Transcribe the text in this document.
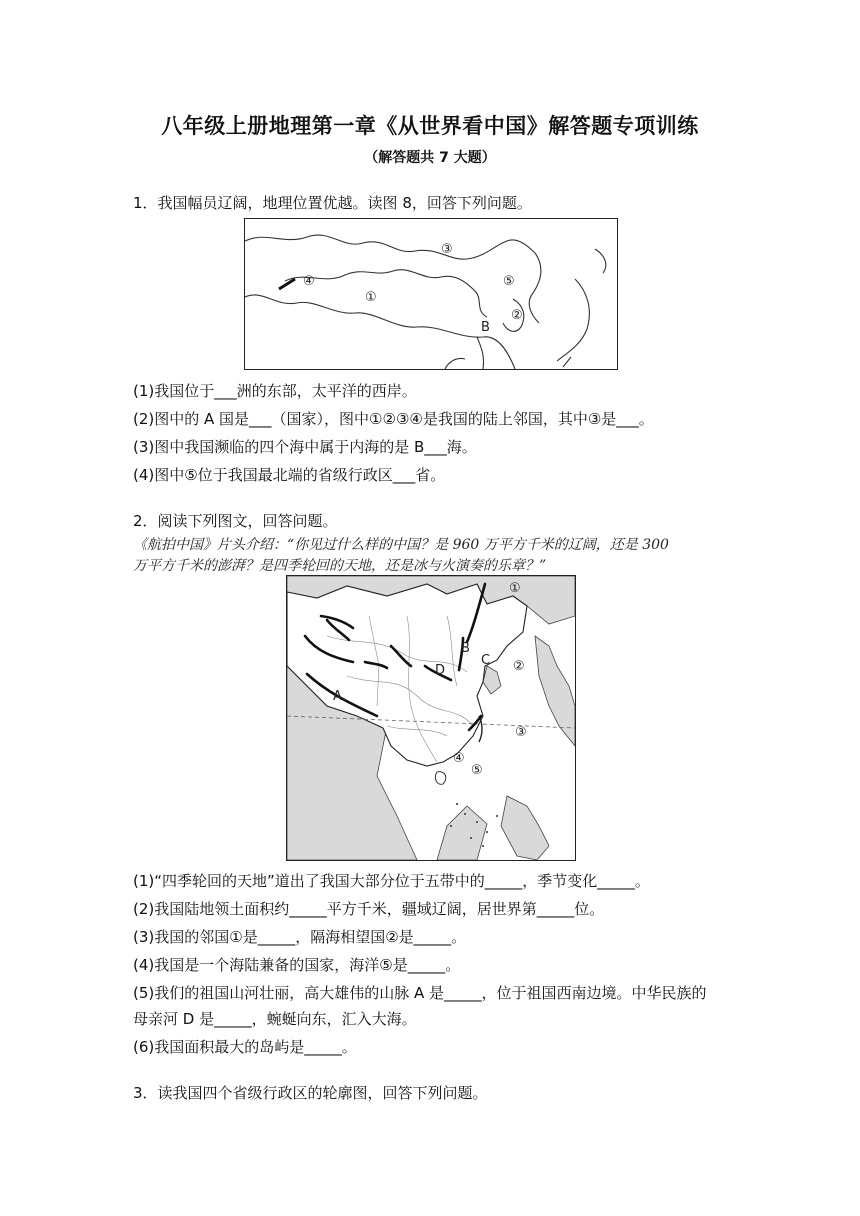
八年级上册地理第一章《从世界看中国》解答题专项训练
（解答题共 7 大题）
1．我国幅员辽阔，地理位置优越。读图 8，回答下列问题。
①
②
③
④	⑤
B
(1)我国位于___洲的东部，太平洋的西岸。
(2)图中的 A 国是___（国家），图中①②③④是我国的陆上邻国，其中③是___。
(3)图中我国濒临的四个海中属于内海的是 B___海。
(4)图中⑤位于我国最北端的省级行政区___省。
2．阅读下列图文，回答问题。
《航拍中国》片头介绍：“你见过什么样的中国？是 960 万平方千米的辽阔，还是 300
万平方千米的澎湃？是四季轮回的天地，还是冰与火演奏的乐章？”
①
②
③
④
⑤
A
B
C
D
(1)“四季轮回的天地”道出了我国大部分位于五带中的_____，季节变化_____。
(2)我国陆地领土面积约_____平方千米，疆域辽阔，居世界第_____位。
(3)我国的邻国①是_____，隔海相望国②是_____。
(4)我国是一个海陆兼备的国家，海洋⑤是_____。
(5)我们的祖国山河壮丽，高大雄伟的山脉 A 是_____，位于祖国西南边境。中华民族的
母亲河 D 是_____，蜿蜒向东，汇入大海。
(6)我国面积最大的岛屿是_____。
3．读我国四个省级行政区的轮廓图，回答下列问题。
